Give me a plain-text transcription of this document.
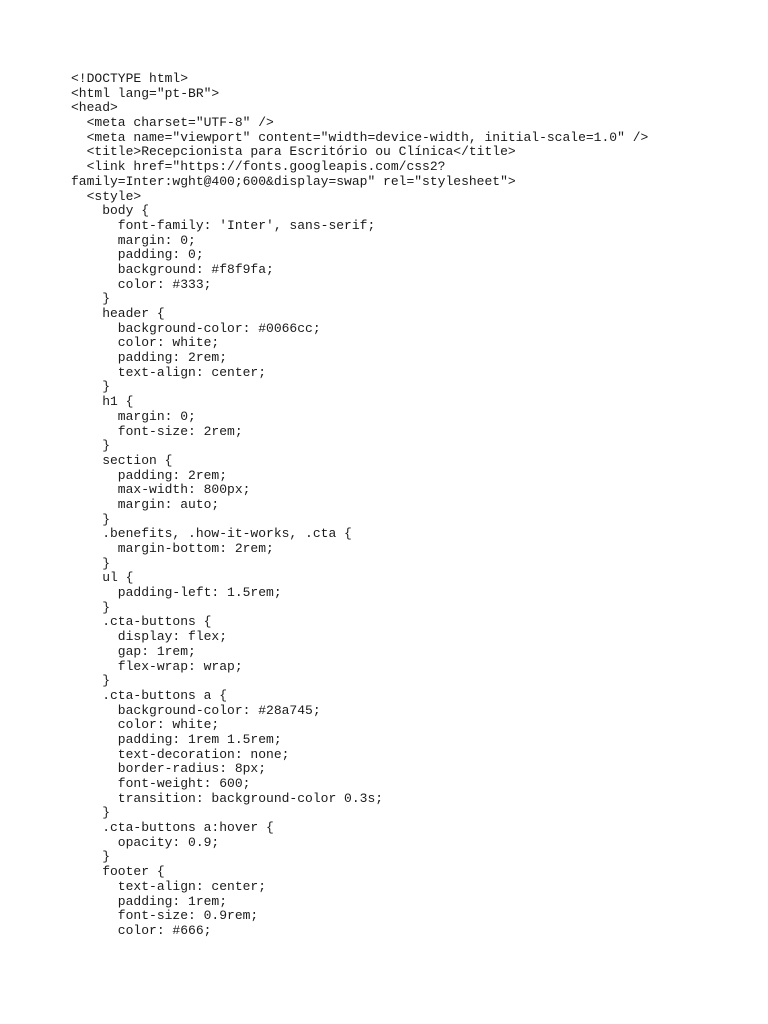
<!DOCTYPE html>
<html lang="pt-BR">
<head>
<meta charset="UTF-8" />
<meta name="viewport" content="width=device-width, initial-scale=1.0" />
<title>Recepcionista para Escritório ou Clínica</title>
<link href="https://fonts.googleapis.com/css2?
family=Inter:wght@400;600&display=swap" rel="stylesheet">
<style>
body {
font-family: 'Inter', sans-serif;
margin: 0;
padding: 0;
background: #f8f9fa;
color: #333;
}
header {
background-color: #0066cc;
color: white;
padding: 2rem;
text-align: center;
}
h1 {
margin: 0;
font-size: 2rem;
}
section {
padding: 2rem;
max-width: 800px;
margin: auto;
}
.benefits, .how-it-works, .cta {
margin-bottom: 2rem;
}
ul {
padding-left: 1.5rem;
}
.cta-buttons {
display: flex;
gap: 1rem;
flex-wrap: wrap;
}
.cta-buttons a {
background-color: #28a745;
color: white;
padding: 1rem 1.5rem;
text-decoration: none;
border-radius: 8px;
font-weight: 600;
transition: background-color 0.3s;
}
.cta-buttons a:hover {
opacity: 0.9;
}
footer {
text-align: center;
padding: 1rem;
font-size: 0.9rem;
color: #666;
